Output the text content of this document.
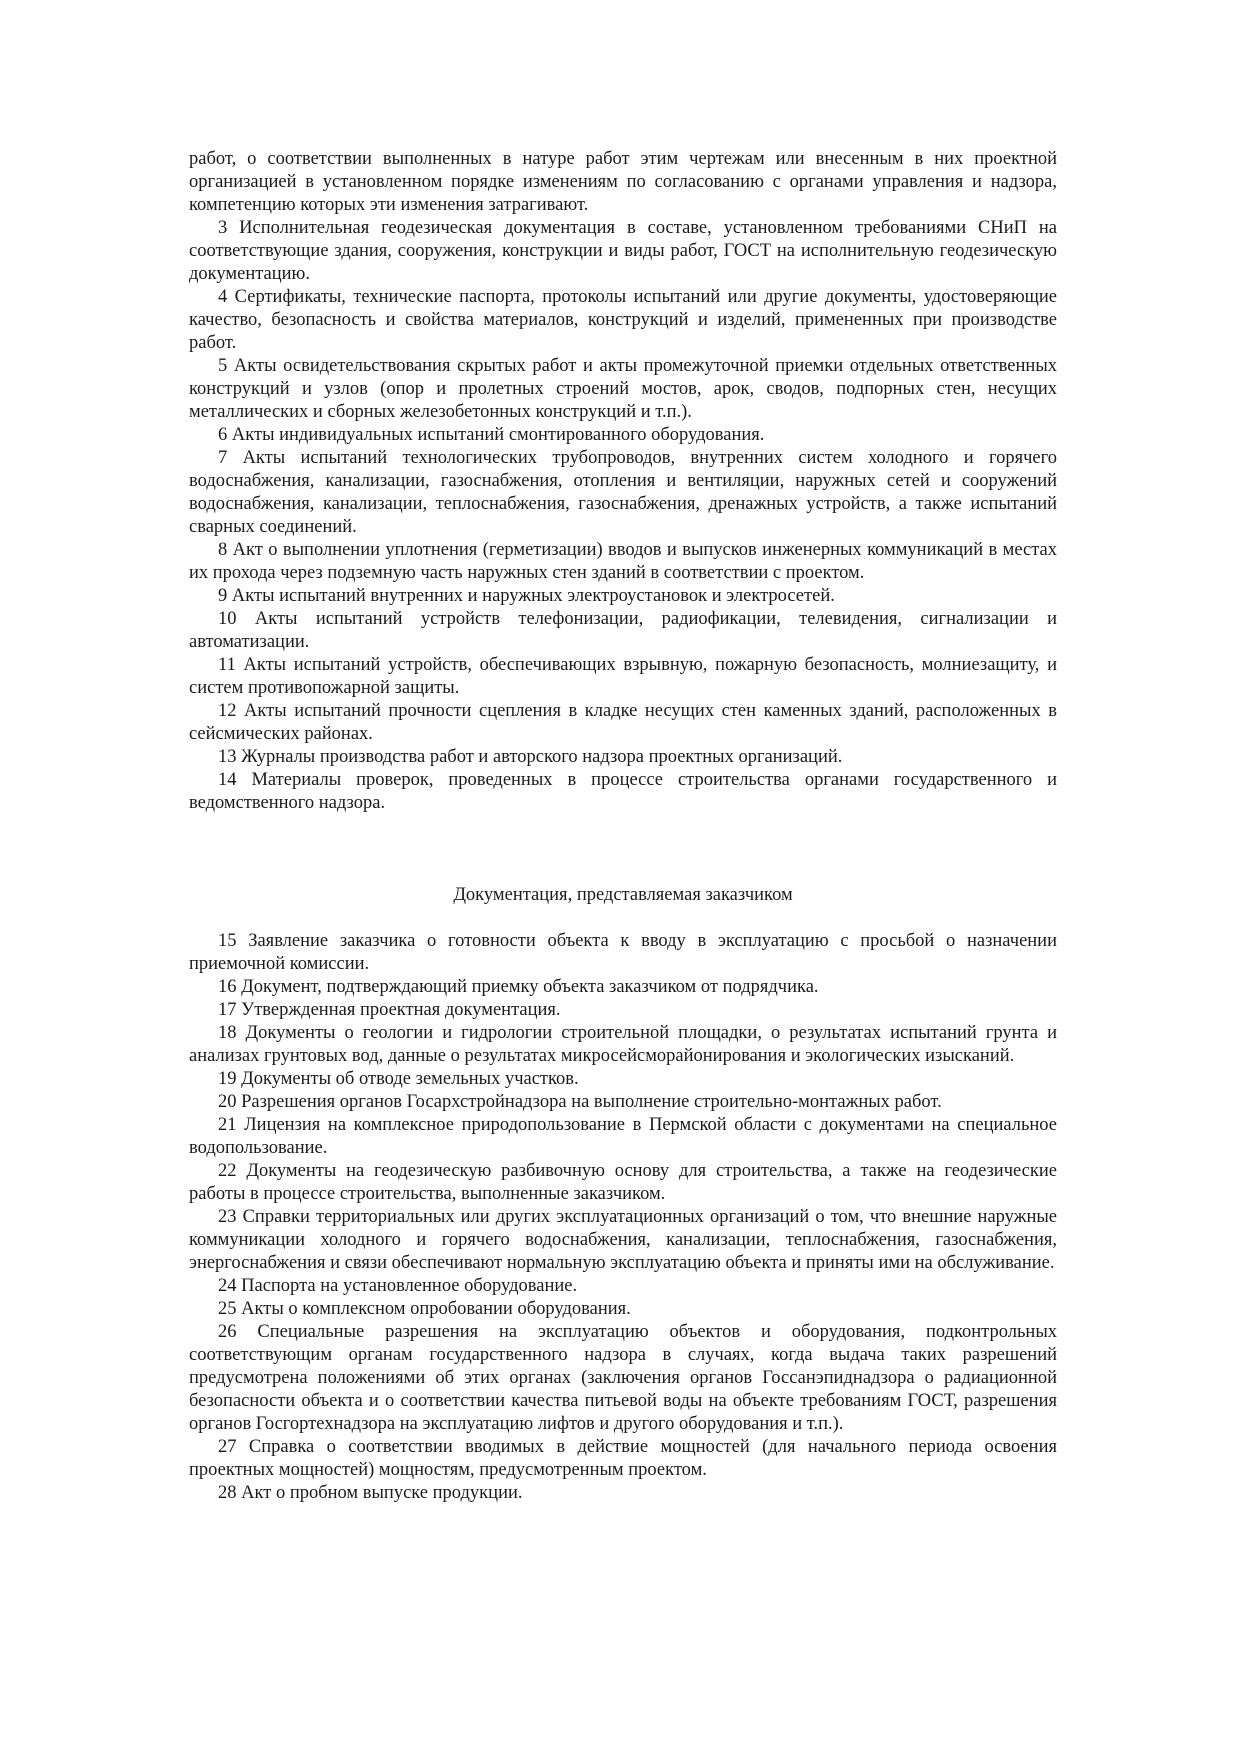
работ, о соответствии выполненных в натуре работ этим чертежам или внесенным в них проектной организацией в установленном порядке изменениям по согласованию с органами управления и надзора, компетенцию которых эти изменения затрагивают.

3 Исполнительная геодезическая документация в составе, установленном требованиями СНиП на соответствующие здания, сооружения, конструкции и виды работ, ГОСТ на исполнительную геодезическую документацию.

4 Сертификаты, технические паспорта, протоколы испытаний или другие документы, удостоверяющие качество, безопасность и свойства материалов, конструкций и изделий, примененных при производстве работ.

5 Акты освидетельствования скрытых работ и акты промежуточной приемки отдельных ответственных конструкций и узлов (опор и пролетных строений мостов, арок, сводов, подпорных стен, несущих металлических и сборных железобетонных конструкций и т.п.).

6 Акты индивидуальных испытаний смонтированного оборудования.

7 Акты испытаний технологических трубопроводов, внутренних систем холодного и горячего водоснабжения, канализации, газоснабжения, отопления и вентиляции, наружных сетей и сооружений водоснабжения, канализации, теплоснабжения, газоснабжения, дренажных устройств, а также испытаний сварных соединений.

8 Акт о выполнении уплотнения (герметизации) вводов и выпусков инженерных коммуникаций в местах их прохода через подземную часть наружных стен зданий в соответствии с проектом.

9 Акты испытаний внутренних и наружных электроустановок и электросетей.

10 Акты испытаний устройств телефонизации, радиофикации, телевидения, сигнализации и автоматизации.

11 Акты испытаний устройств, обеспечивающих взрывную, пожарную безопасность, молниезащиту, и систем противопожарной защиты.

12 Акты испытаний прочности сцепления в кладке несущих стен каменных зданий, расположенных в сейсмических районах.

13 Журналы производства работ и авторского надзора проектных организаций.

14 Материалы проверок, проведенных в процессе строительства органами государственного и ведомственного надзора.

Документация, представляемая заказчиком

15 Заявление заказчика о готовности объекта к вводу в эксплуатацию с просьбой о назначении приемочной комиссии.

16 Документ, подтверждающий приемку объекта заказчиком от подрядчика.

17 Утвержденная проектная документация.

18 Документы о геологии и гидрологии строительной площадки, о результатах испытаний грунта и анализах грунтовых вод, данные о результатах микросейсморайонирования и экологических изысканий.

19 Документы об отводе земельных участков.

20 Разрешения органов Госархстройнадзора на выполнение строительно-монтажных работ.

21 Лицензия на комплексное природопользование в Пермской области с документами на специальное водопользование.

22 Документы на геодезическую разбивочную основу для строительства, а также на геодезические работы в процессе строительства, выполненные заказчиком.

23 Справки территориальных или других эксплуатационных организаций о том, что внешние наружные коммуникации холодного и горячего водоснабжения, канализации, теплоснабжения, газоснабжения, энергоснабжения и связи обеспечивают нормальную эксплуатацию объекта и приняты ими на обслуживание.

24 Паспорта на установленное оборудование.

25 Акты о комплексном опробовании оборудования.

26 Специальные разрешения на эксплуатацию объектов и оборудования, подконтрольных соответствующим органам государственного надзора в случаях, когда выдача таких разрешений предусмотрена положениями об этих органах (заключения органов Госсанэпиднадзора о радиационной безопасности объекта и о соответствии качества питьевой воды на объекте требованиям ГОСТ, разрешения органов Госгортехнадзора на эксплуатацию лифтов и другого оборудования и т.п.).

27 Справка о соответствии вводимых в действие мощностей (для начального периода освоения проектных мощностей) мощностям, предусмотренным проектом.

28 Акт о пробном выпуске продукции.
